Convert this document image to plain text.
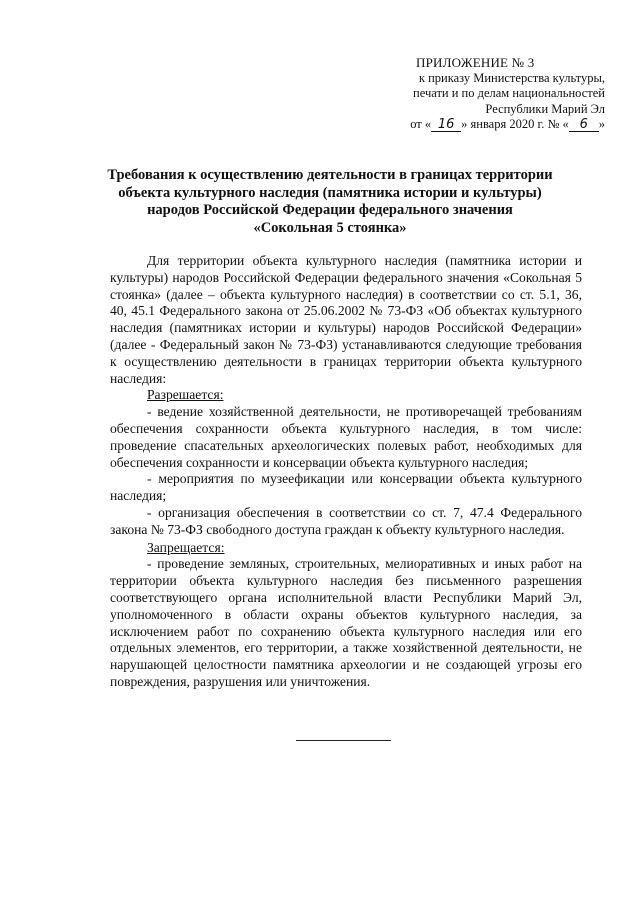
ПРИЛОЖЕНИЕ № 3
к приказу Министерства культуры,
печати и по делам национальностей
Республики Марий Эл
от « 16 » января 2020 г. № « 6 »
Требования к осуществлению деятельности в границах территории
объекта культурного наследия (памятника истории и культуры)
народов Российской Федерации федерального значения
«Сокольная 5 стоянка»

Для территории объекта культурного наследия (памятника истории и культуры) народов Российской Федерации федерального значения «Сокольная 5 стоянка» (далее – объекта культурного наследия) в соответствии со ст. 5.1, 36, 40, 45.1 Федерального закона от 25.06.2002 № 73-ФЗ «Об объектах культурного наследия (памятниках истории и культуры) народов Российской Федерации» (далее - Федеральный закон № 73-ФЗ) устанавливаются следующие требования к осуществлению деятельности в границах территории объекта культурного наследия:

Разрешается:

- ведение хозяйственной деятельности, не противоречащей требованиям обеспечения сохранности объекта культурного наследия, в том числе: проведение спасательных археологических полевых работ, необходимых для обеспечения сохранности и консервации объекта культурного наследия;

- мероприятия по музеефикации или консервации объекта культурного наследия;

- организация обеспечения в соответствии со ст. 7, 47.4 Федерального закона № 73-ФЗ свободного доступа граждан к объекту культурного наследия.

Запрещается:

- проведение земляных, строительных, мелиоративных и иных работ на территории объекта культурного наследия без письменного разрешения соответствующего органа исполнительной власти Республики Марий Эл, уполномоченного в области охраны объектов культурного наследия, за исключением работ по сохранению объекта культурного наследия или его отдельных элементов, его территории, а также хозяйственной деятельности, не нарушающей целостности памятника археологии и не создающей угрозы его повреждения, разрушения или уничтожения.
